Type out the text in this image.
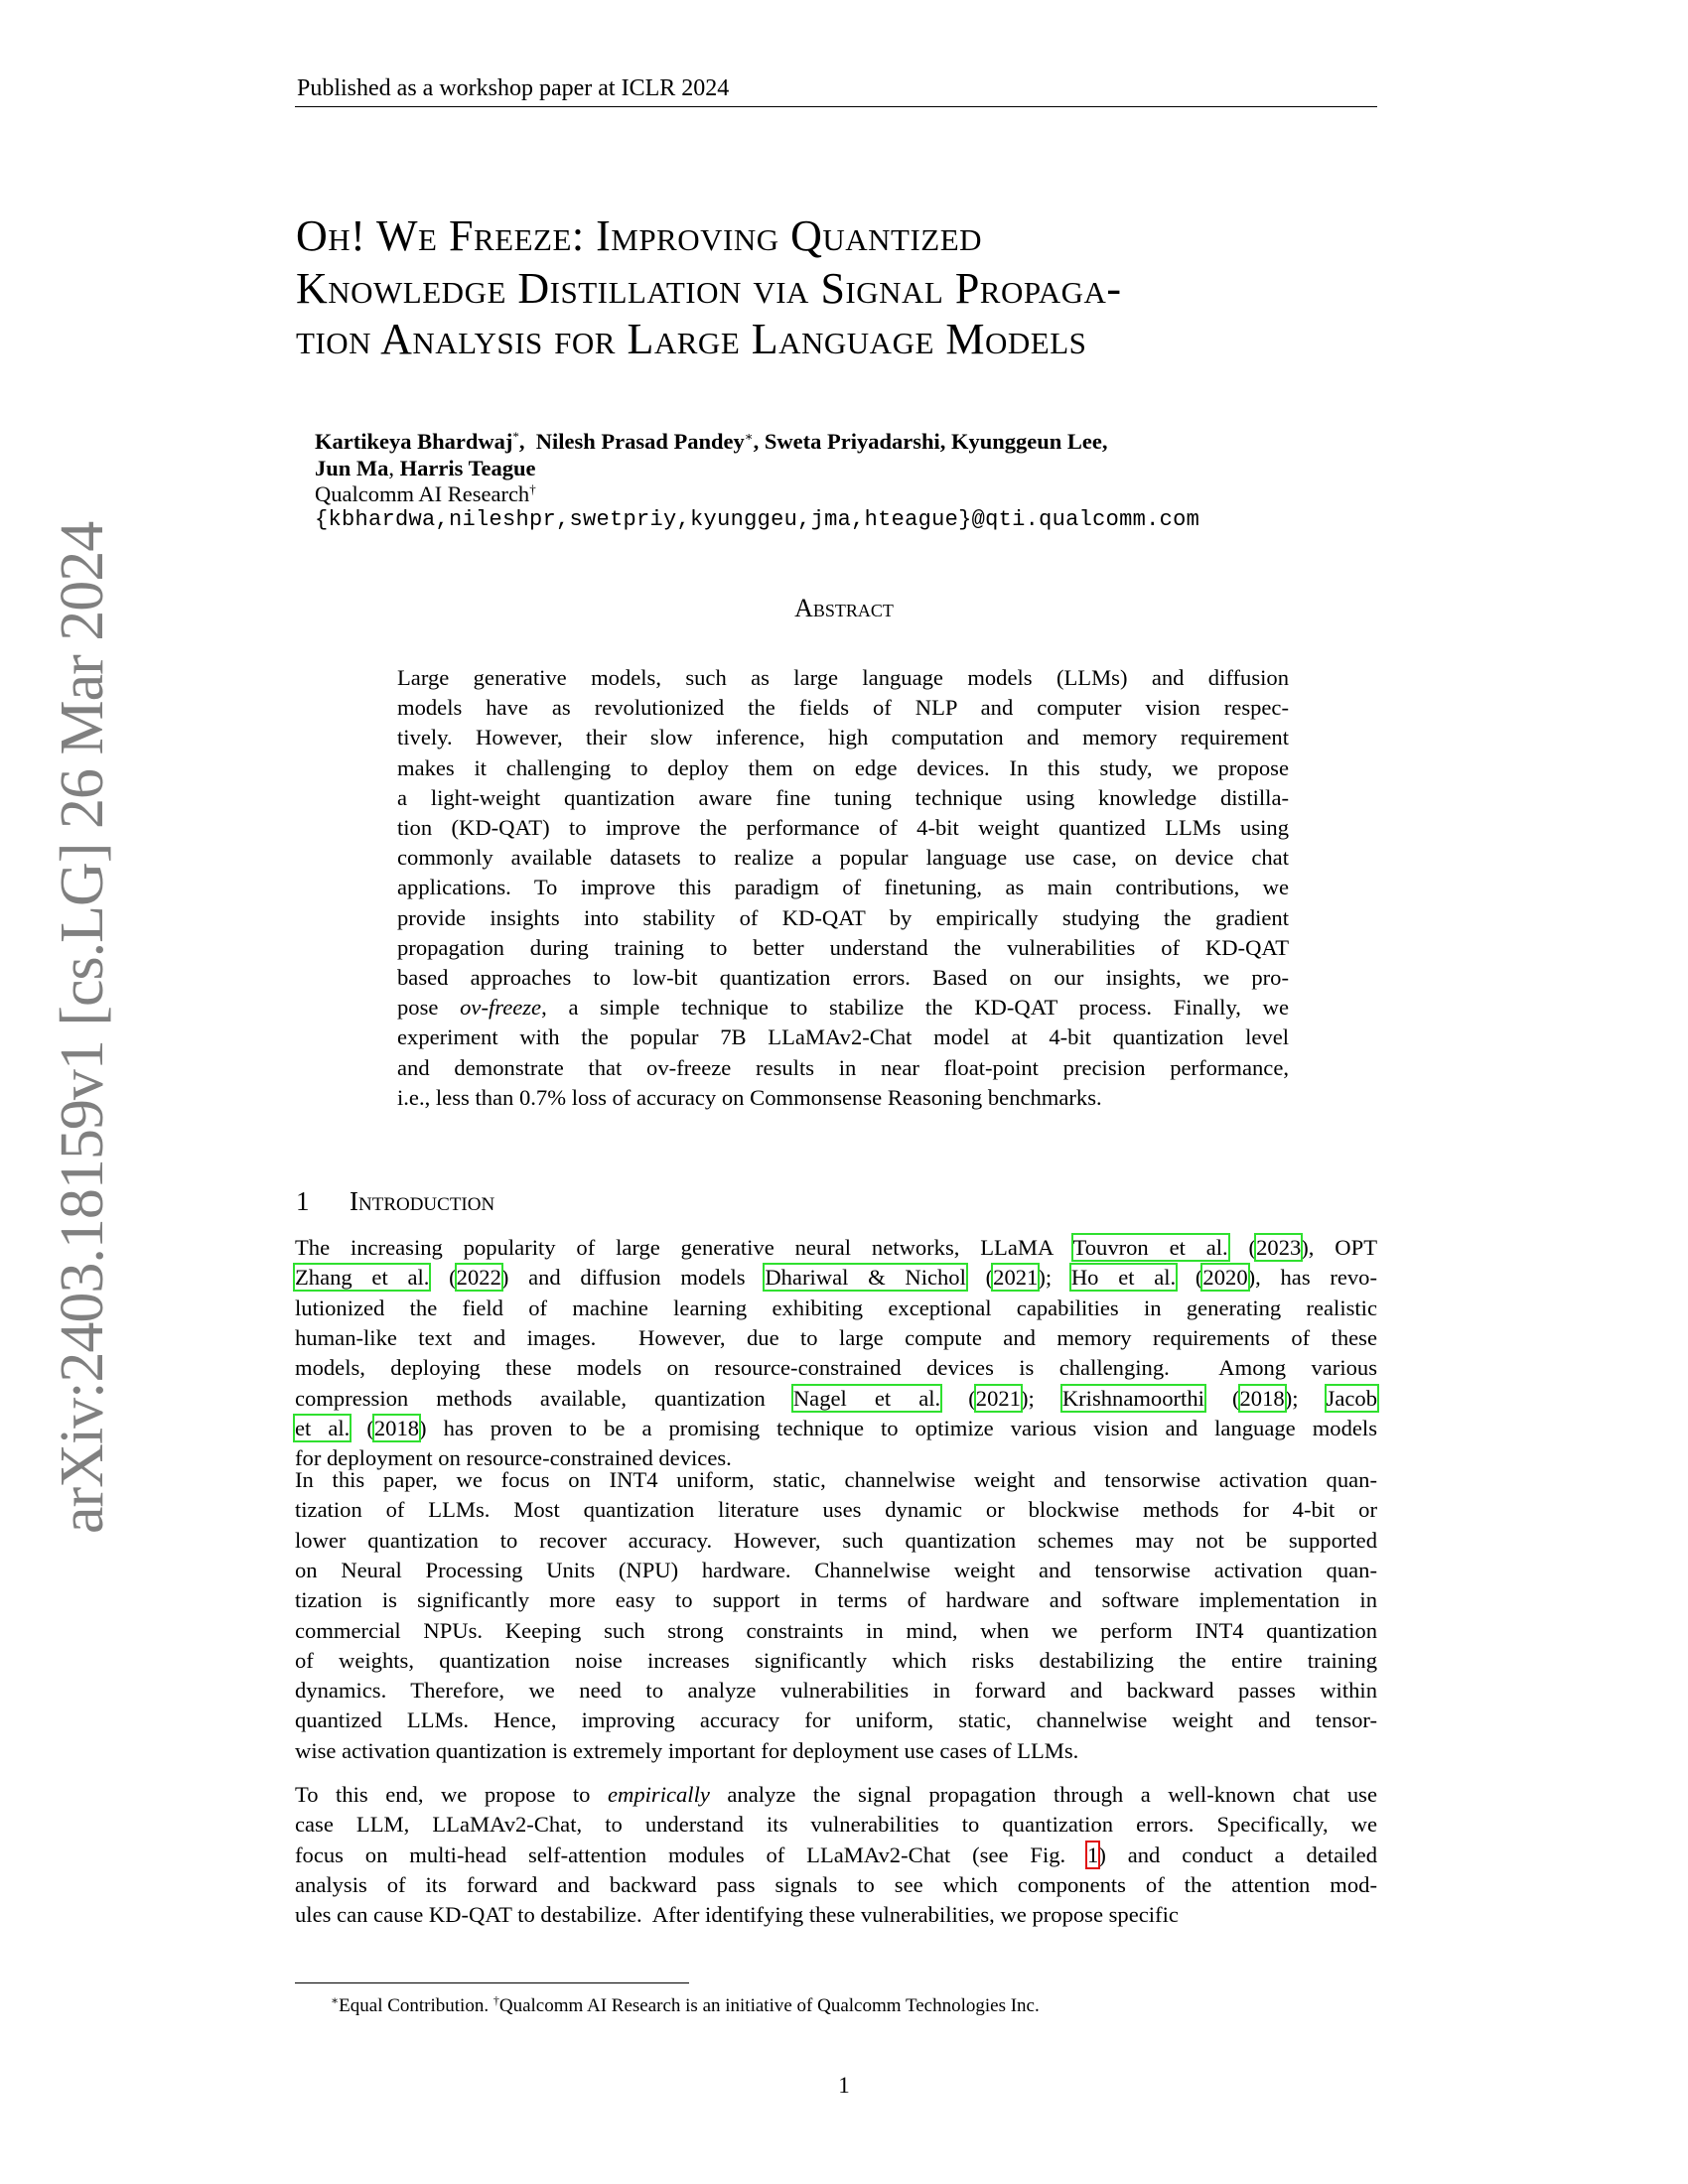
arXiv:2403.18159v1 [cs.LG] 26 Mar 2024
Published as a workshop paper at ICLR 2024
Oh! We Freeze: Improving Quantized
Knowledge Distillation via Signal Propaga-
tion Analysis for Large Language Models
Kartikeya Bhardwaj*,  Nilesh Prasad Pandey∗, Sweta Priyadarshi, Kyunggeun Lee,
Jun Ma, Harris Teague
Qualcomm AI Research†
{kbhardwa,nileshpr,swetpriy,kyunggeu,jma,hteague}@qti.qualcomm.com
Abstract
Large generative models, such as large language models (LLMs) and diffusion
models have as revolutionized the fields of NLP and computer vision respec-
tively. However, their slow inference, high computation and memory requirement
makes it challenging to deploy them on edge devices. In this study, we propose
a light-weight quantization aware fine tuning technique using knowledge distilla-
tion (KD-QAT) to improve the performance of 4-bit weight quantized LLMs using
commonly available datasets to realize a popular language use case, on device chat
applications. To improve this paradigm of finetuning, as main contributions, we
provide insights into stability of KD-QAT by empirically studying the gradient
propagation during training to better understand the vulnerabilities of KD-QAT
based approaches to low-bit quantization errors. Based on our insights, we pro-
pose ov-freeze, a simple technique to stabilize the KD-QAT process. Finally, we
experiment with the popular 7B LLaMAv2-Chat model at 4-bit quantization level
and demonstrate that ov-freeze results in near float-point precision performance,
i.e., less than 0.7% loss of accuracy on Commonsense Reasoning benchmarks.
1 Introduction
The increasing popularity of large generative neural networks, LLaMA Touvron et al. (2023), OPT
Zhang et al. (2022) and diffusion models Dhariwal & Nichol (2021); Ho et al. (2020), has revo-
lutionized the field of machine learning exhibiting exceptional capabilities in generating realistic
human-like text and images.  However, due to large compute and memory requirements of these
models, deploying these models on resource-constrained devices is challenging.  Among various
compression methods available, quantization Nagel et al. (2021); Krishnamoorthi (2018); Jacob
et al. (2018) has proven to be a promising technique to optimize various vision and language models
for deployment on resource-constrained devices.
In this paper, we focus on INT4 uniform, static, channelwise weight and tensorwise activation quan-
tization of LLMs. Most quantization literature uses dynamic or blockwise methods for 4-bit or
lower quantization to recover accuracy. However, such quantization schemes may not be supported
on Neural Processing Units (NPU) hardware. Channelwise weight and tensorwise activation quan-
tization is significantly more easy to support in terms of hardware and software implementation in
commercial NPUs. Keeping such strong constraints in mind, when we perform INT4 quantization
of weights, quantization noise increases significantly which risks destabilizing the entire training
dynamics. Therefore, we need to analyze vulnerabilities in forward and backward passes within
quantized LLMs. Hence, improving accuracy for uniform, static, channelwise weight and tensor-
wise activation quantization is extremely important for deployment use cases of LLMs.
To this end, we propose to empirically analyze the signal propagation through a well-known chat use
case LLM, LLaMAv2-Chat, to understand its vulnerabilities to quantization errors. Specifically, we
focus on multi-head self-attention modules of LLaMAv2-Chat (see Fig. 1) and conduct a detailed
analysis of its forward and backward pass signals to see which components of the attention mod-
ules can cause KD-QAT to destabilize.  After identifying these vulnerabilities, we propose specific
∗Equal Contribution. †Qualcomm AI Research is an initiative of Qualcomm Technologies Inc.
1
